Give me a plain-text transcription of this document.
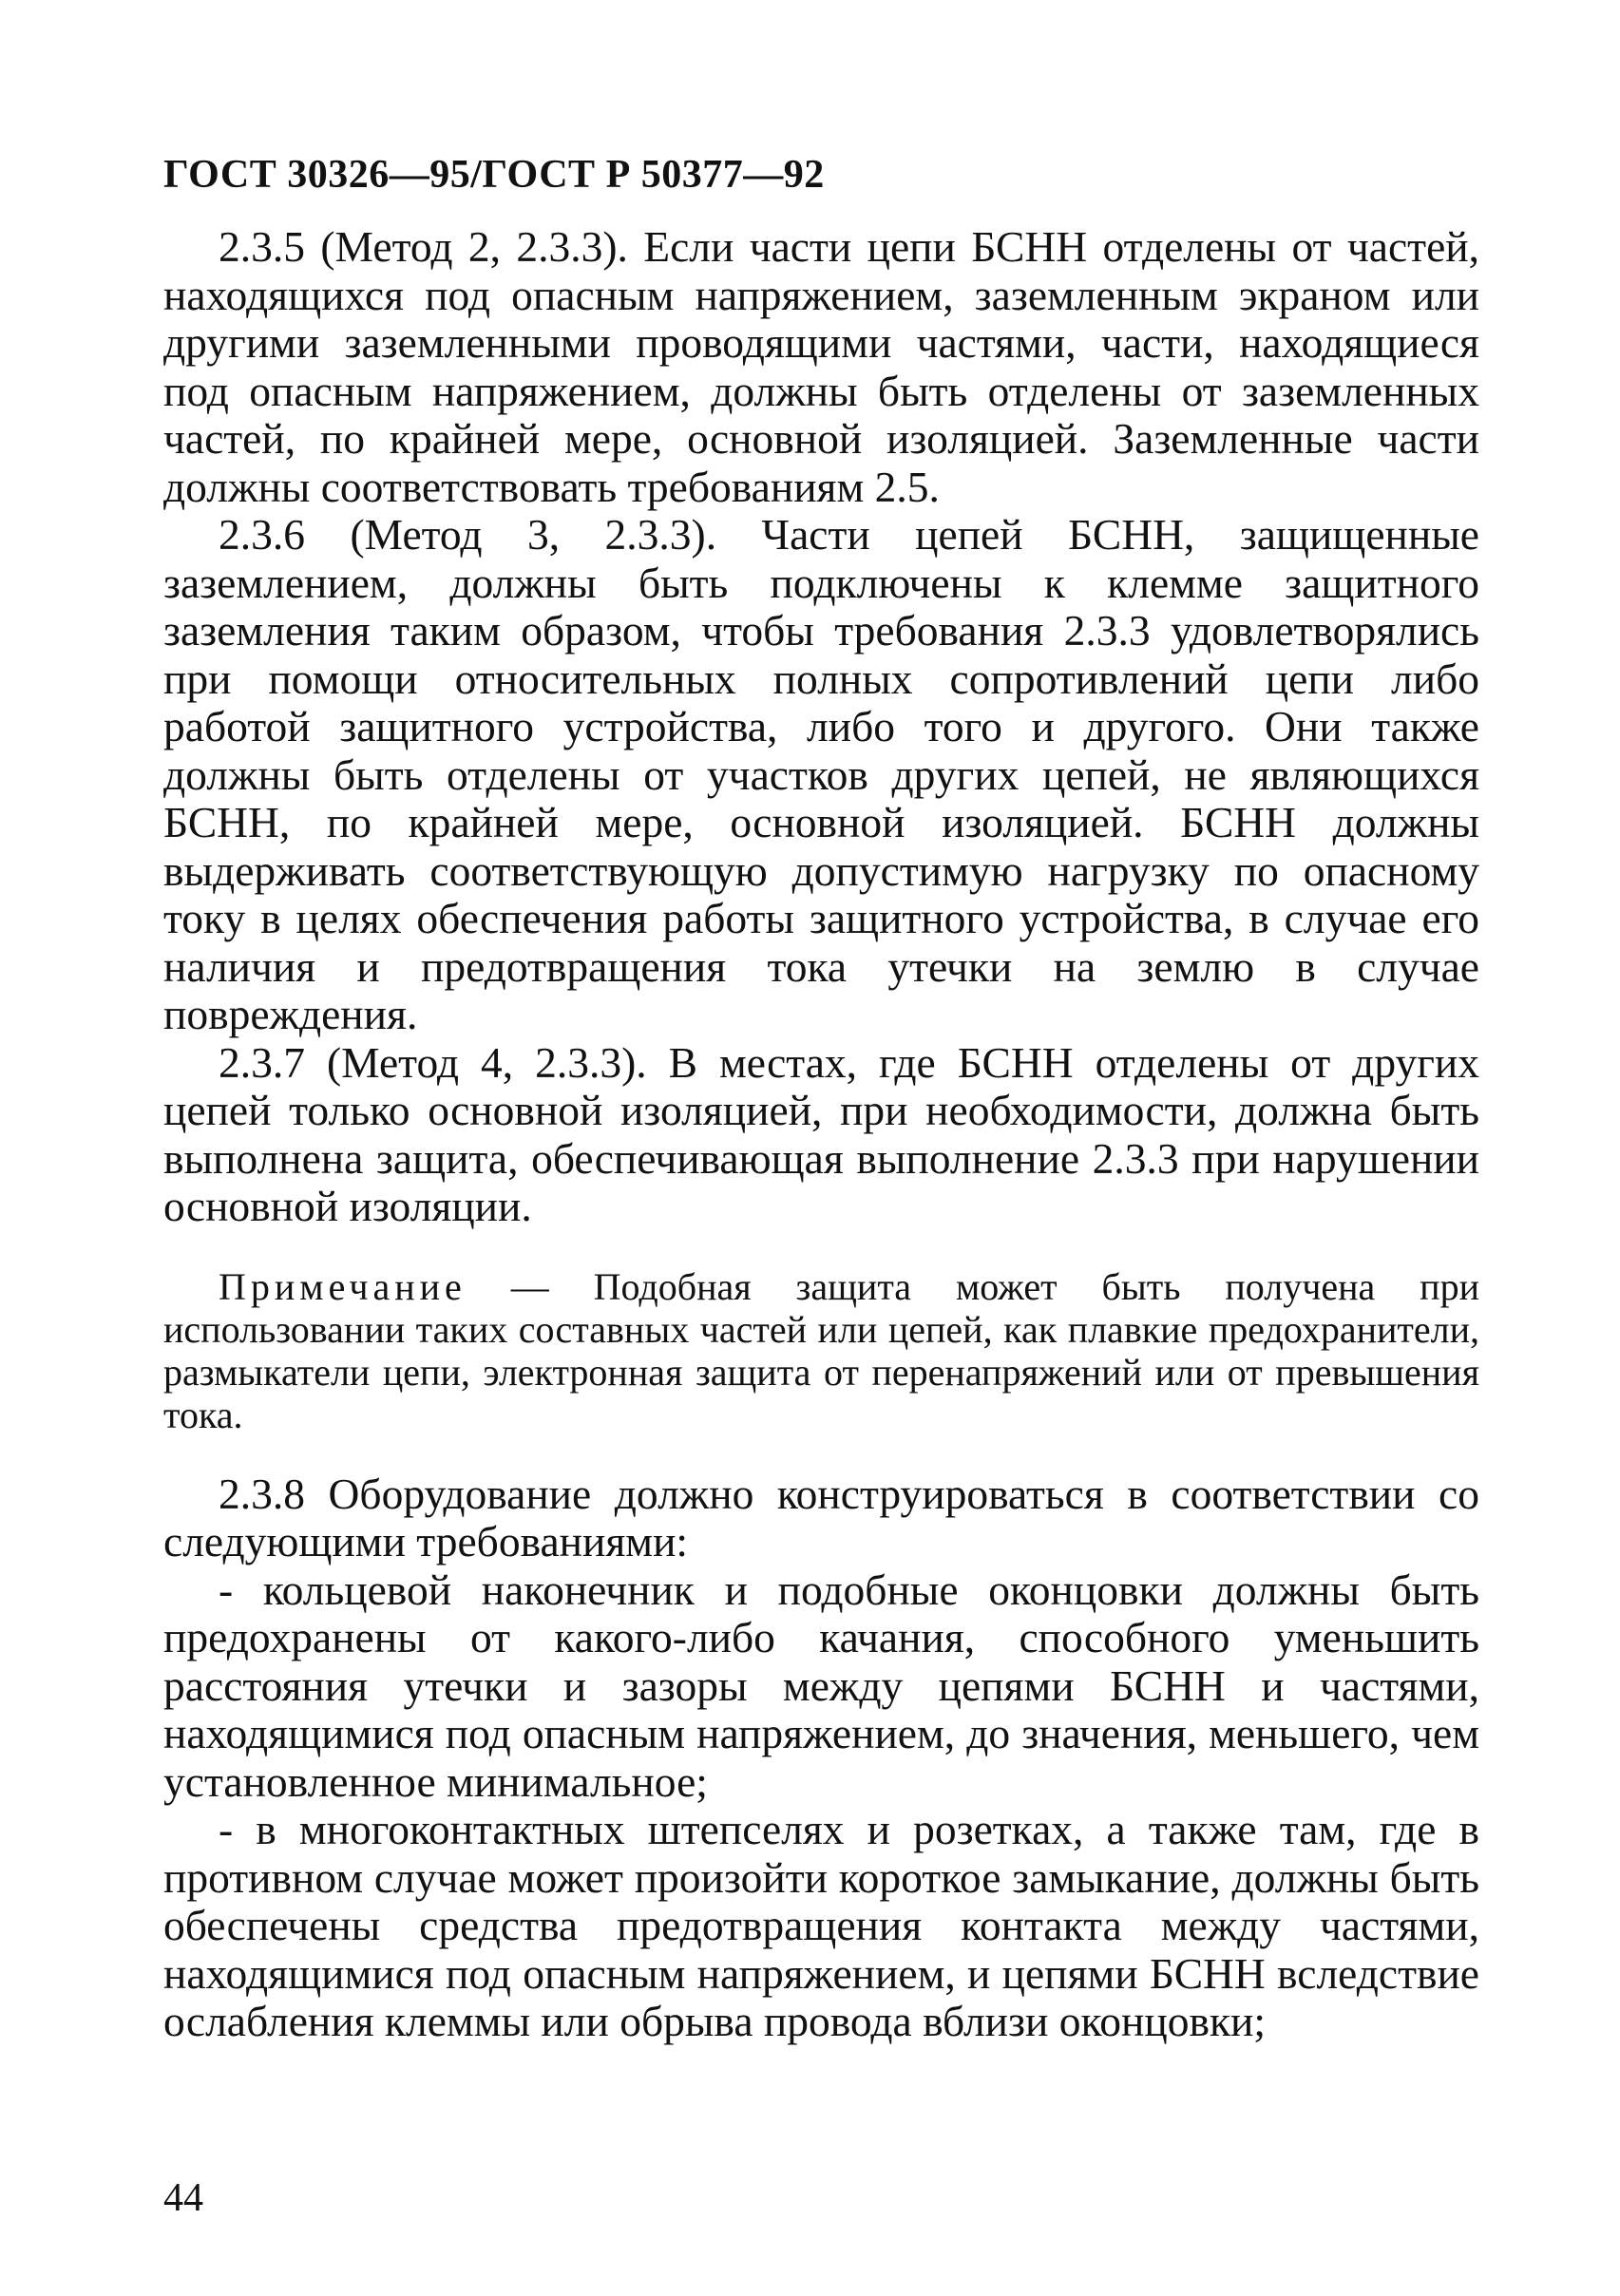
ГОСТ 30326—95/ГОСТ Р 50377—92

2.3.5 (Метод 2, 2.3.3). Если части цепи БСНН отделены от частей, находящихся под опасным напряжением, заземленным экраном или другими заземленными проводящими частями, части, находящиеся под опасным напряжением, должны быть отделены от заземленных частей, по крайней мере, основной изоляцией. Заземленные части должны соответствовать требованиям 2.5.

2.3.6 (Метод 3, 2.3.3). Части цепей БСНН, защищенные заземлением, должны быть подключены к клемме защитного заземления таким образом, чтобы требования 2.3.3 удовлетворялись при помощи относительных полных сопротивлений цепи либо работой защитного устройства, либо того и другого. Они также должны быть отделены от участков других цепей, не являющихся БСНН, по крайней мере, основной изоляцией. БСНН должны выдерживать соответствующую допустимую нагрузку по опасному току в целях обеспечения работы защитного устройства, в случае его наличия и предотвращения тока утечки на землю в случае повреждения.

2.3.7 (Метод 4, 2.3.3). В местах, где БСНН отделены от других цепей только основной изоляцией, при необходимости, должна быть выполнена защита, обеспечивающая выполнение 2.3.3 при нарушении основной изоляции.

Примечание — Подобная защита может быть получена при использовании таких составных частей или цепей, как плавкие предохранители, размыкатели цепи, электронная защита от перенапряжений или от превышения тока.

2.3.8 Оборудование должно конструироваться в соответствии со следующими требованиями:

- кольцевой наконечник и подобные оконцовки должны быть предохранены от какого-либо качания, способного уменьшить расстояния утечки и зазоры между цепями БСНН и частями, находящимися под опасным напряжением, до значения, меньшего, чем установленное минимальное;

- в многоконтактных штепселях и розетках, а также там, где в противном случае может произойти короткое замыкание, должны быть обеспечены средства предотвращения контакта между частями, находящимися под опасным напряжением, и цепями БСНН вследствие ослабления клеммы или обрыва провода вблизи оконцовки;

44
